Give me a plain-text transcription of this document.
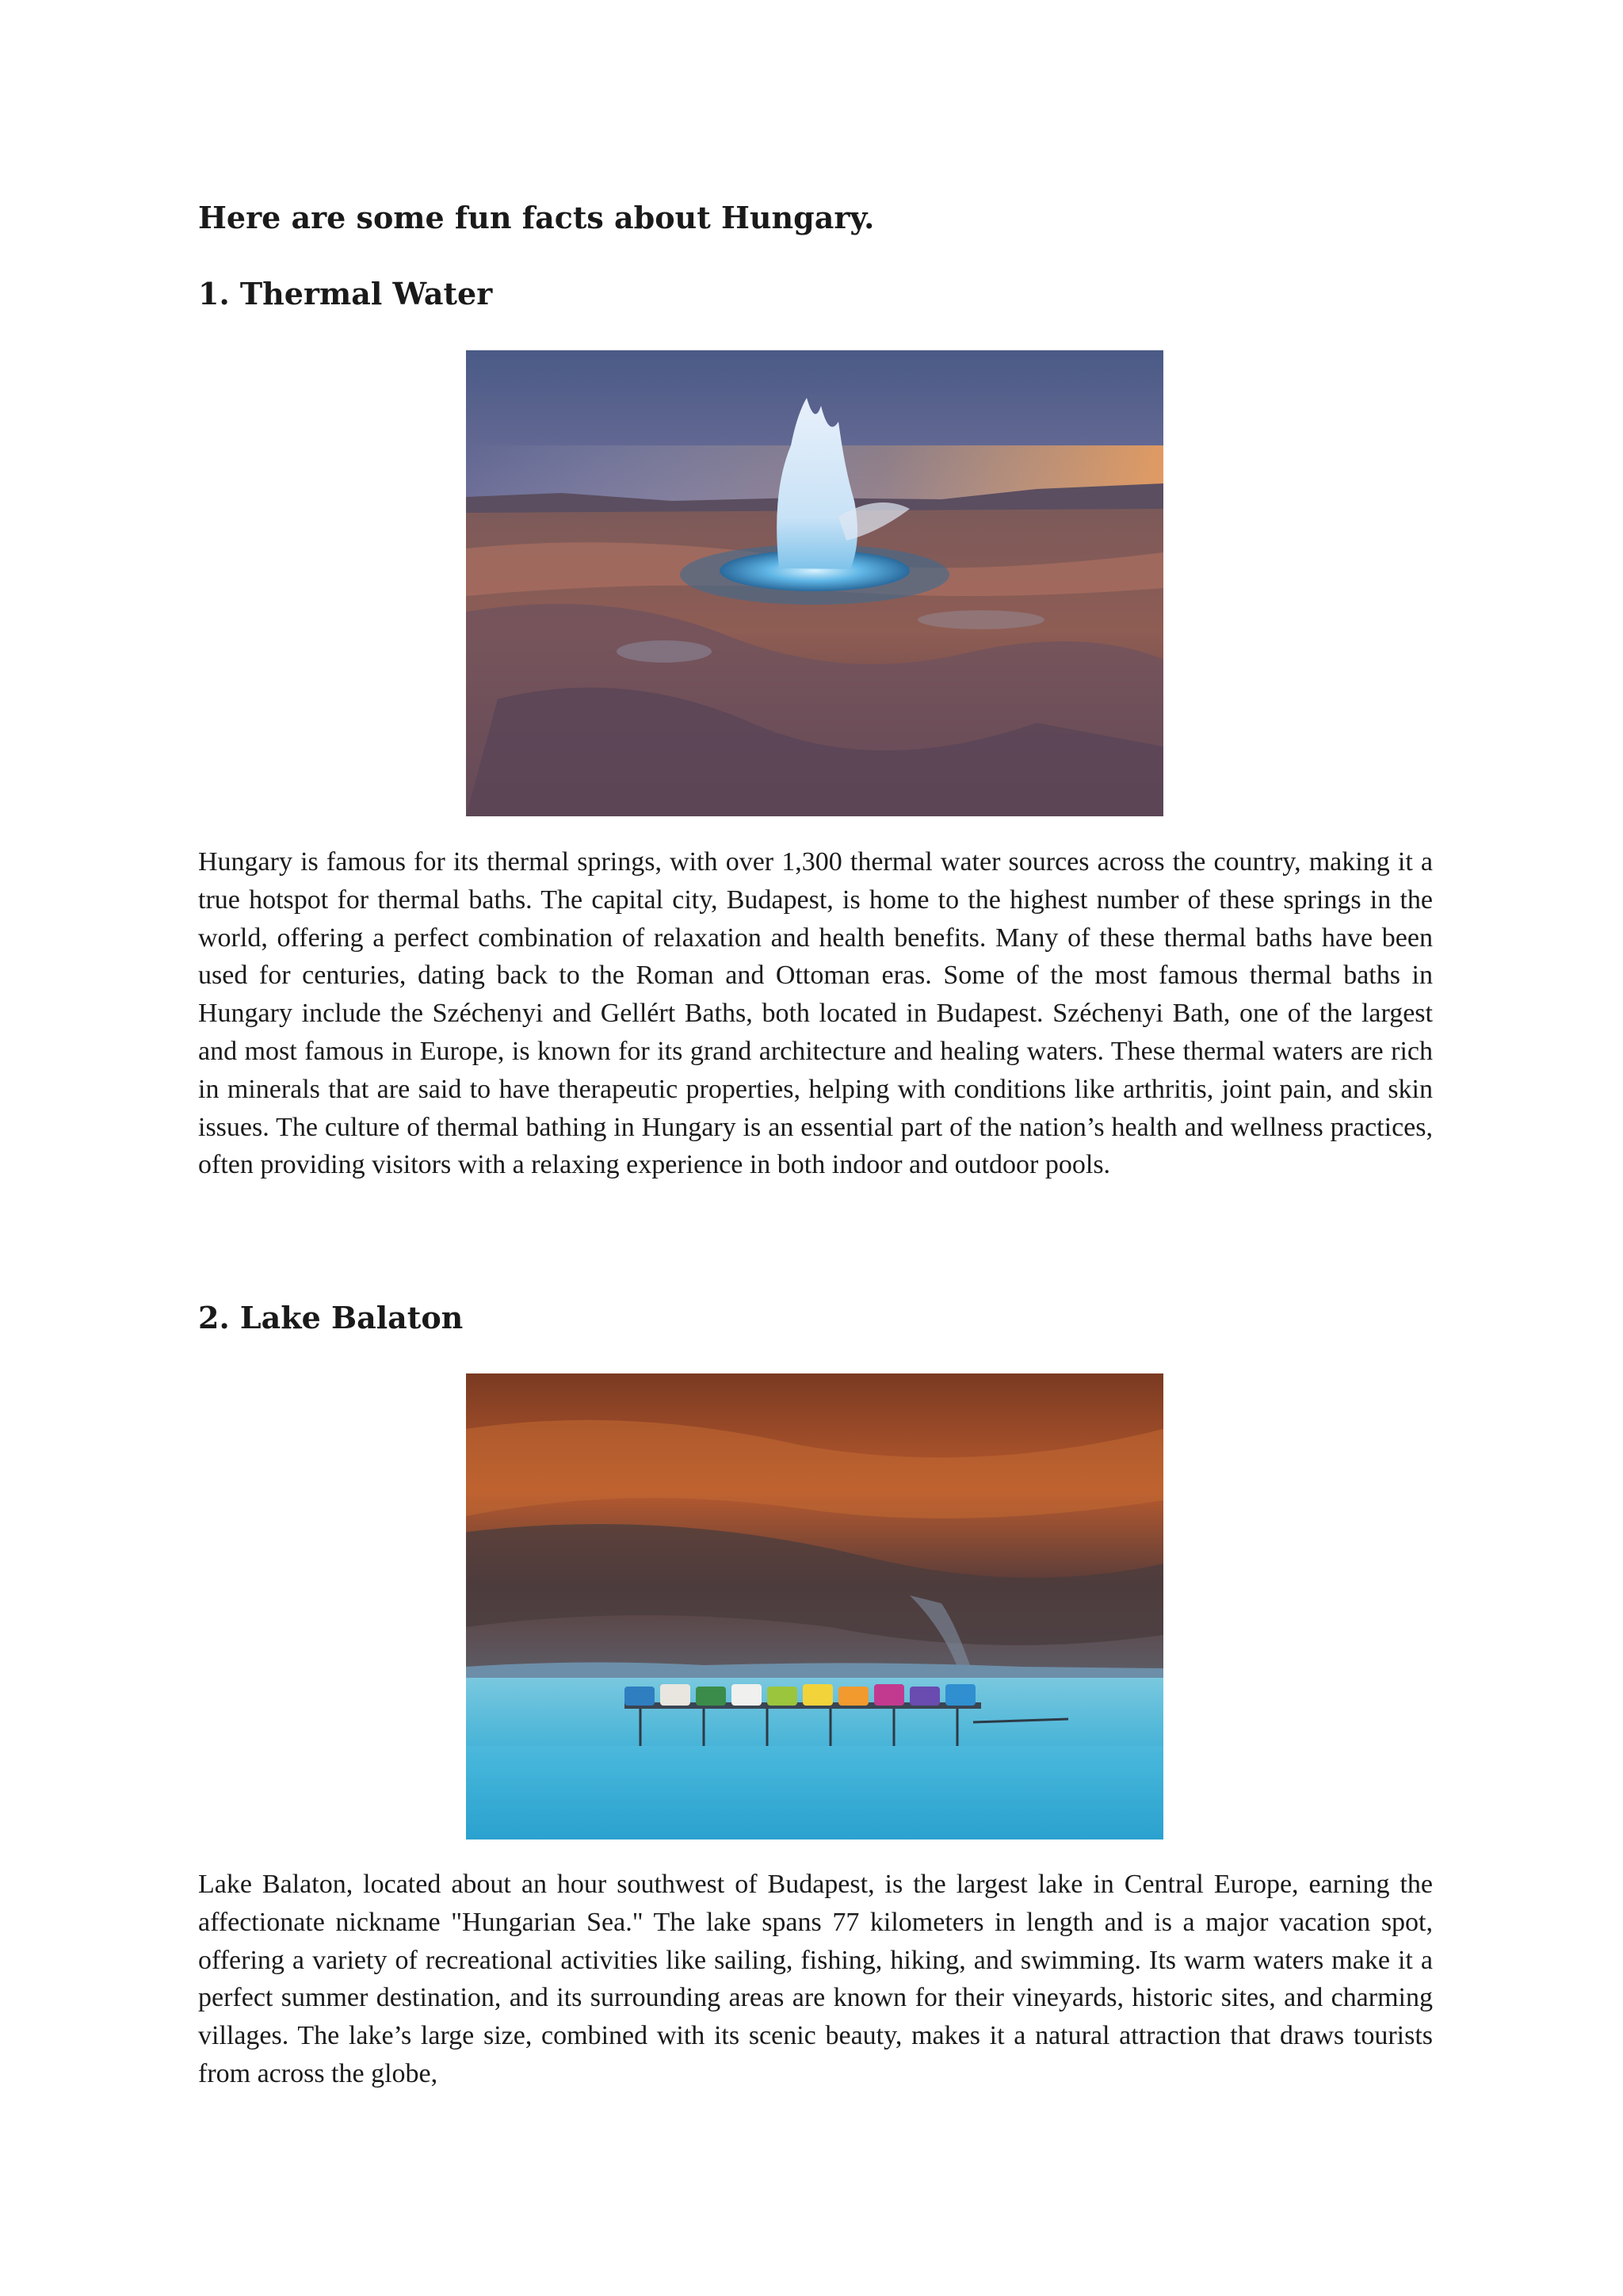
Here are some fun facts about Hungary.
1. Thermal Water

Hungary is famous for its thermal springs, with over 1,300 thermal water sources across the country, making it a true hotspot for thermal baths. The capital city, Budapest, is home to the highest number of these springs in the world, offering a perfect combination of relaxation and health benefits. Many of these thermal baths have been used for centuries, dating back to the Roman and Ottoman eras. Some of the most famous thermal baths in Hungary include the Széchenyi and Gellért Baths, both located in Budapest. Széchenyi Bath, one of the largest and most famous in Europe, is known for its grand architecture and healing waters. These thermal waters are rich in minerals that are said to have therapeutic properties, helping with conditions like arthritis, joint pain, and skin issues. The culture of thermal bathing in Hungary is an essential part of the nation’s health and wellness practices, often providing visitors with a relaxing experience in both indoor and outdoor pools.

2. Lake Balaton

Lake Balaton, located about an hour southwest of Budapest, is the largest lake in Central Europe, earning the affectionate nickname "Hungarian Sea." The lake spans 77 kilometers in length and is a major vacation spot, offering a variety of recreational activities like sailing, fishing, hiking, and swimming. Its warm waters make it a perfect summer destination, and its surrounding areas are known for their vineyards, historic sites, and charming villages. The lake’s large size, combined with its scenic beauty, makes it a natural attraction that draws tourists from across the globe,
